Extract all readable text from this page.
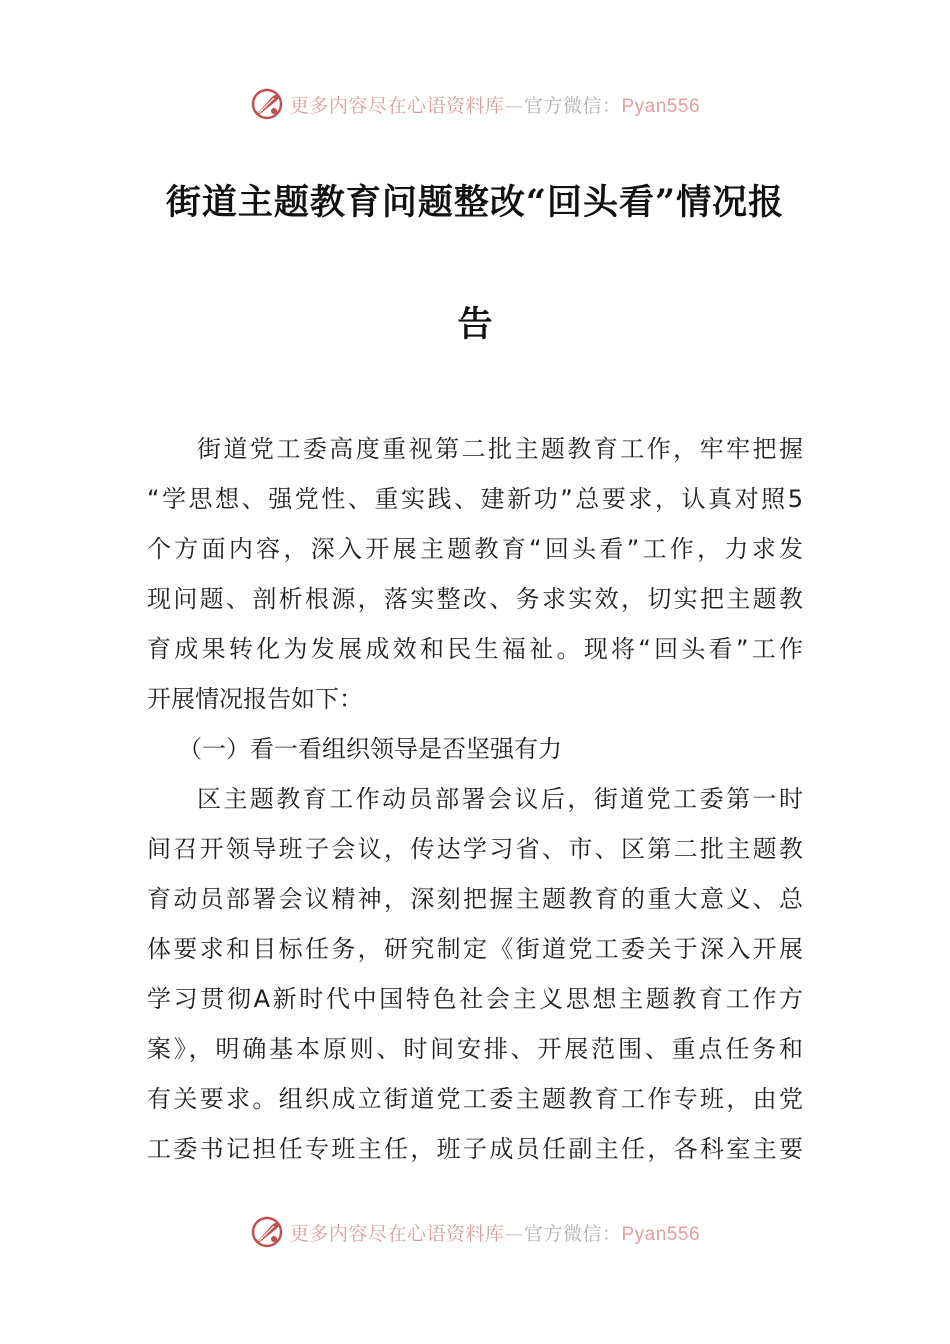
更多内容尽在心语资料库—官方微信：Pyan556
街道主题教育问题整改“回头看”情况报
告
街道党工委高度重视第二批主题教育工作，牢牢把握
“学思想、强党性、重实践、建新功”总要求，认真对照5
个方面内容，深入开展主题教育“回头看”工作，力求发
现问题、剖析根源，落实整改、务求实效，切实把主题教
育成果转化为发展成效和民生福祉。现将“回头看”工作
开展情况报告如下：
（一）看一看组织领导是否坚强有力
区主题教育工作动员部署会议后，街道党工委第一时
间召开领导班子会议，传达学习省、市、区第二批主题教
育动员部署会议精神，深刻把握主题教育的重大意义、总
体要求和目标任务，研究制定《街道党工委关于深入开展
学习贯彻A新时代中国特色社会主义思想主题教育工作方
案》，明确基本原则、时间安排、开展范围、重点任务和
有关要求。组织成立街道党工委主题教育工作专班，由党
工委书记担任专班主任，班子成员任副主任，各科室主要
更多内容尽在心语资料库—官方微信：Pyan556
